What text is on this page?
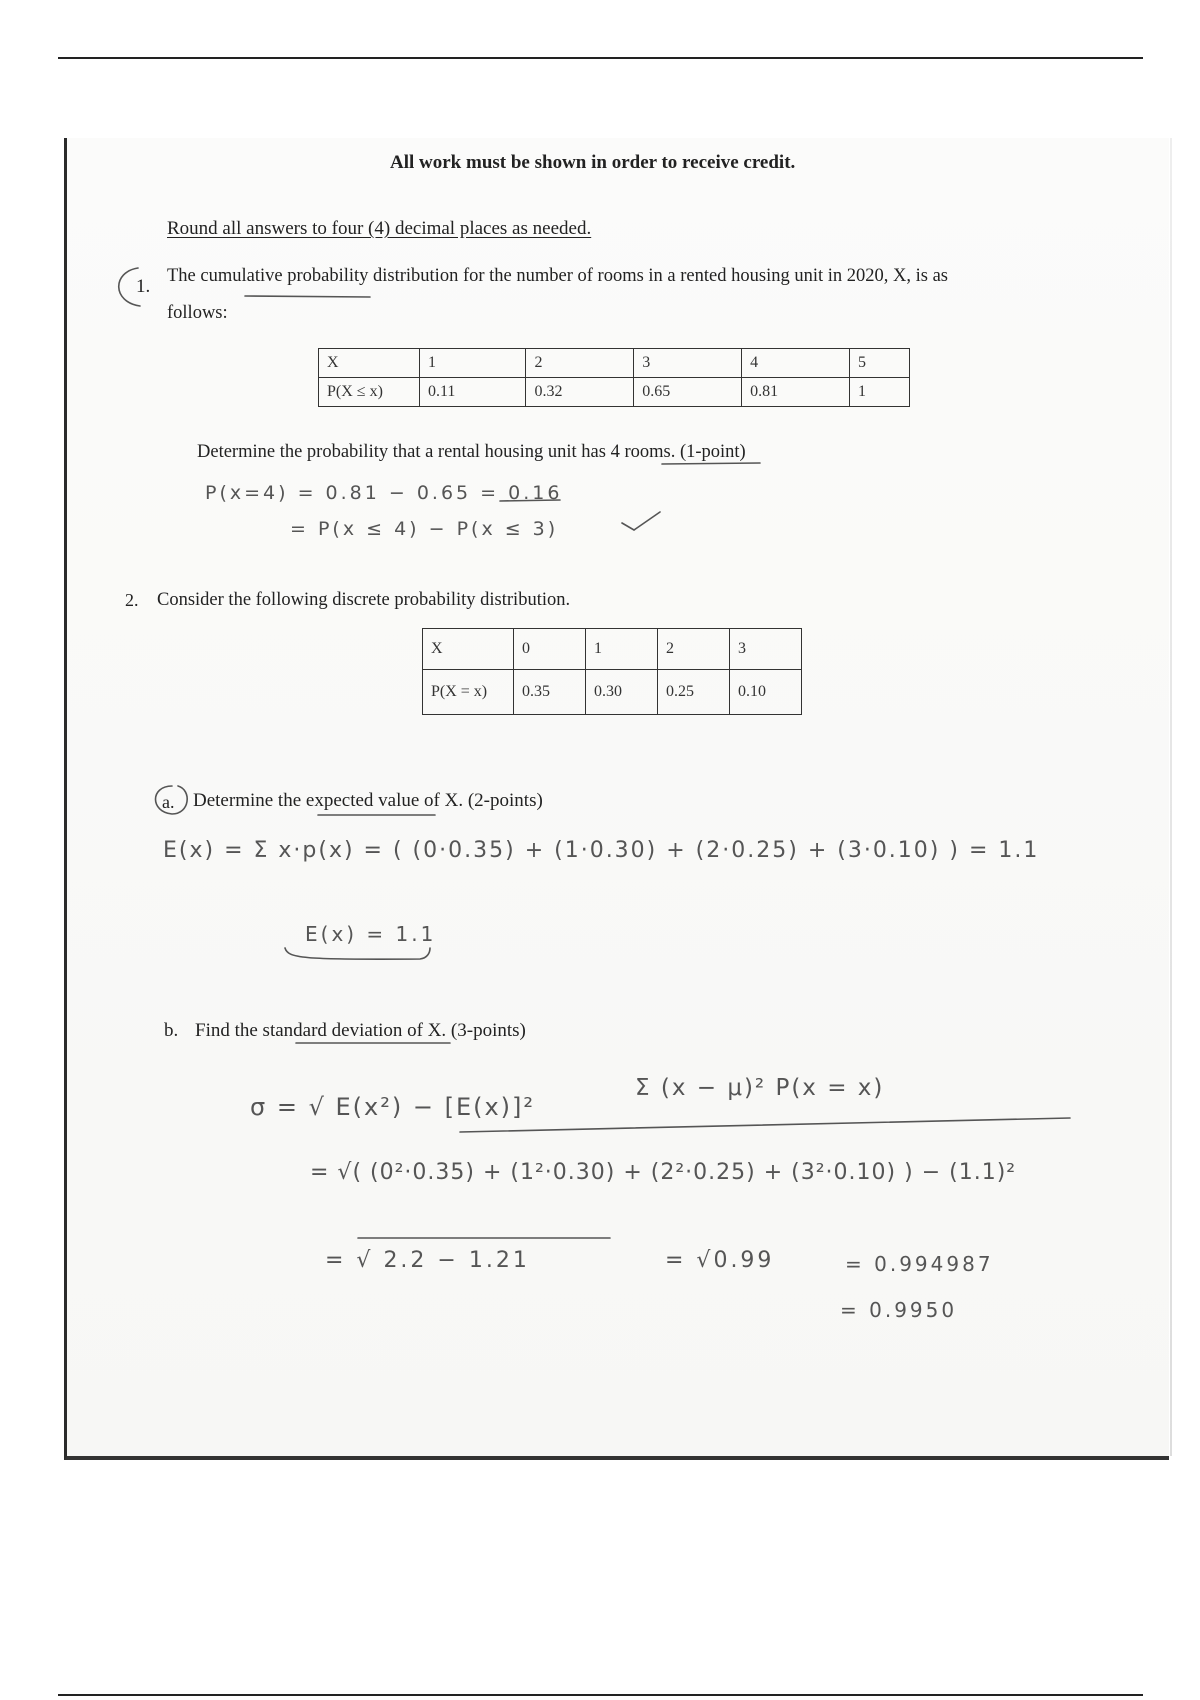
All work must be shown in order to receive credit.
Round all answers to four (4) decimal places as needed.
1. The cumulative probability distribution for the number of rooms in a rented housing unit in 2020, X, is as
follows:
X	1	2	3	4	5
P(X ≤ x)	0.11	0.32	0.65	0.81	1
Determine the probability that a rental housing unit has 4 rooms. (1-point)
P(x=4) = 0.81 − 0.65 = 0.16
= P(x ≤ 4) − P(x ≤ 3)
2. Consider the following discrete probability distribution.
X	0	1	2	3
P(X = x)	0.35	0.30	0.25	0.10
a. Determine the expected value of X. (2-points)
E(x) = Σ x·p(x) = ( (0·0.35) + (1·0.30) + (2·0.25) + (3·0.10) ) = 1.1
E(x) = 1.1
b. Find the standard deviation of X. (3-points)
σ = √ E(x²) − [E(x)]²
Σ (x − μ)² P(x = x)
= √( (0²·0.35) + (1²·0.30) + (2²·0.25) + (3²·0.10) ) − (1.1)²
= √ 2.2 − 1.21	= √0.99	= 0.994987
= 0.9950
